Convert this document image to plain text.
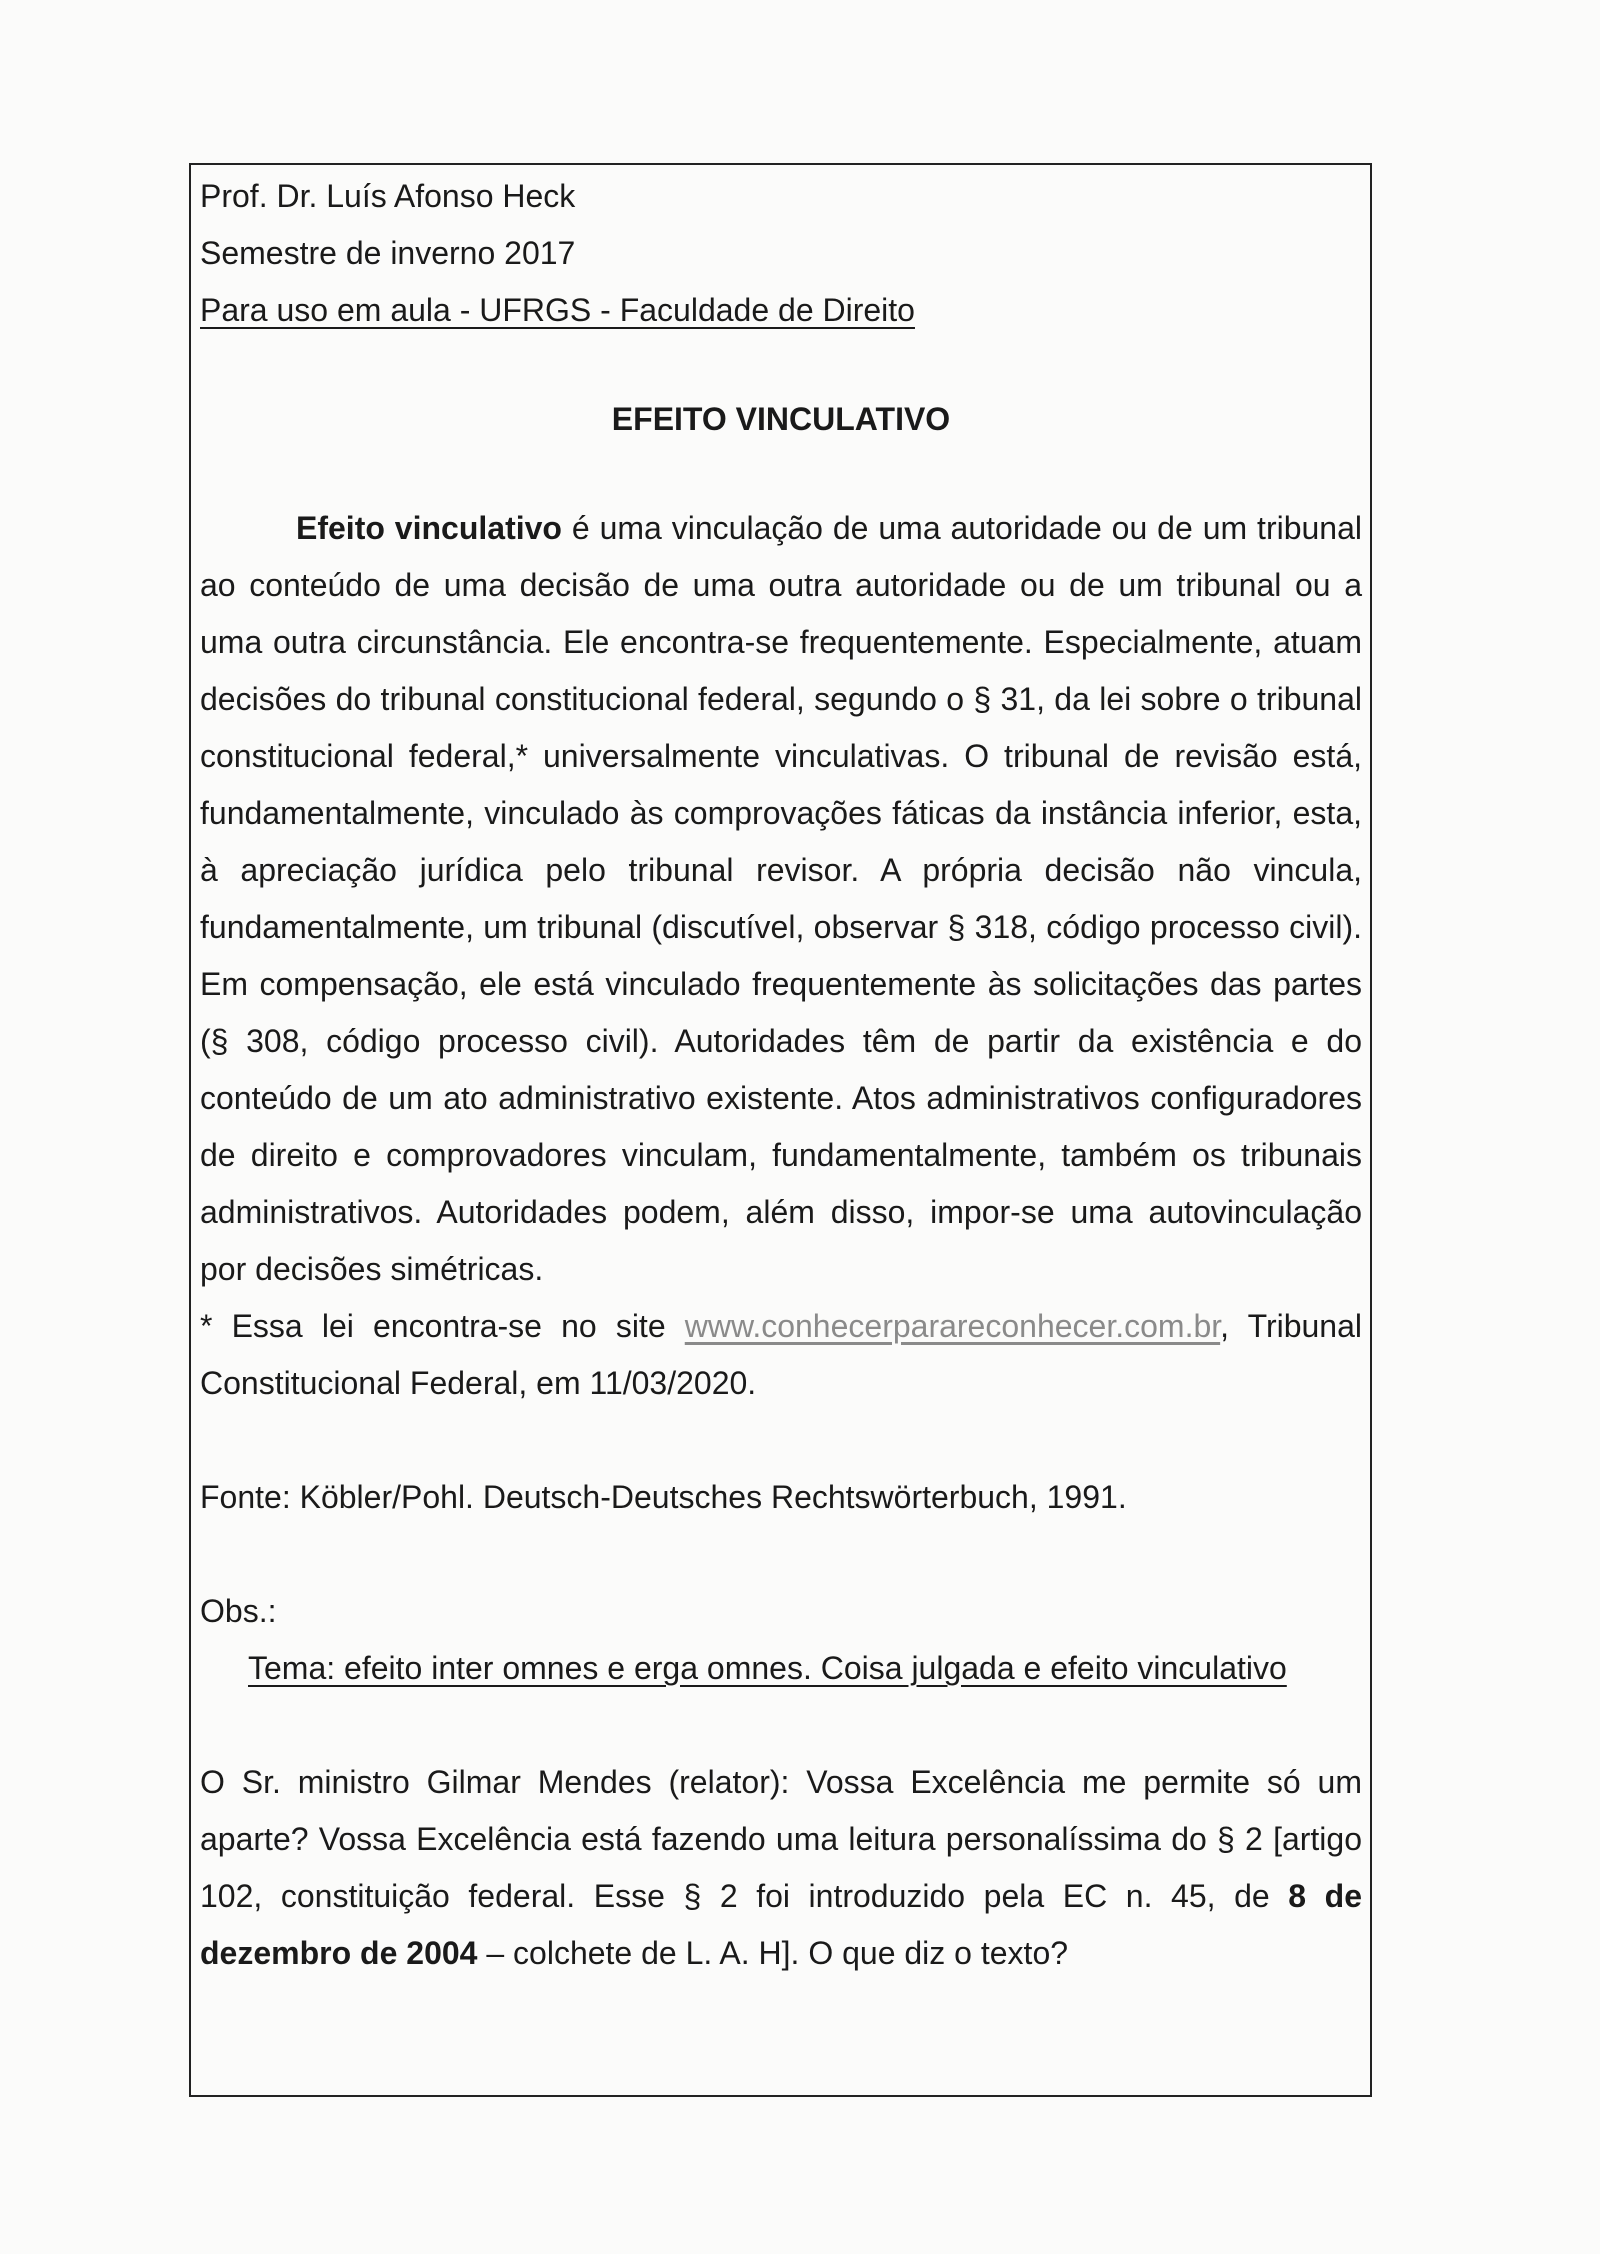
Prof. Dr. Luís Afonso Heck

Semestre de inverno 2017

Para uso em aula - UFRGS - Faculdade de Direito

EFEITO VINCULATIVO

Efeito vinculativo é uma vinculação de uma autoridade ou de um tribunal ao conteúdo de uma decisão de uma outra autoridade ou de um tribunal ou a uma outra circunstância. Ele encontra-se frequentemente. Especialmente, atuam decisões do tribunal constitucional federal, segundo o § 31, da lei sobre o tribunal constitucional federal,* universalmente vinculativas. O tribunal de revisão está, fundamentalmente, vinculado às comprovações fáticas da instância inferior, esta, à apreciação jurídica pelo tribunal revisor. A própria decisão não vincula, fundamentalmente, um tribunal (discutível, observar § 318, código processo civil). Em compensação, ele está vinculado frequentemente às solicitações das partes (§ 308, código processo civil). Autoridades têm de partir da existência e do conteúdo de um ato administrativo existente. Atos administrativos configuradores de direito e comprovadores vinculam, fundamentalmente, também os tribunais administrativos. Autoridades podem, além disso, impor-se uma autovinculação por decisões simétricas.

* Essa lei encontra-se no site www.conhecerparareconhecer.com.br, Tribunal Constitucional Federal, em 11/03/2020.

Fonte: Köbler/Pohl. Deutsch-Deutsches Rechtswörterbuch, 1991.

Obs.:

Tema: efeito inter omnes e erga omnes. Coisa julgada e efeito vinculativo

O Sr. ministro Gilmar Mendes (relator): Vossa Excelência me permite só um aparte? Vossa Excelência está fazendo uma leitura personalíssima do § 2 [artigo 102, constituição federal. Esse § 2 foi introduzido pela EC n. 45, de 8 de dezembro de 2004 – colchete de L. A. H]. O que diz o texto?
